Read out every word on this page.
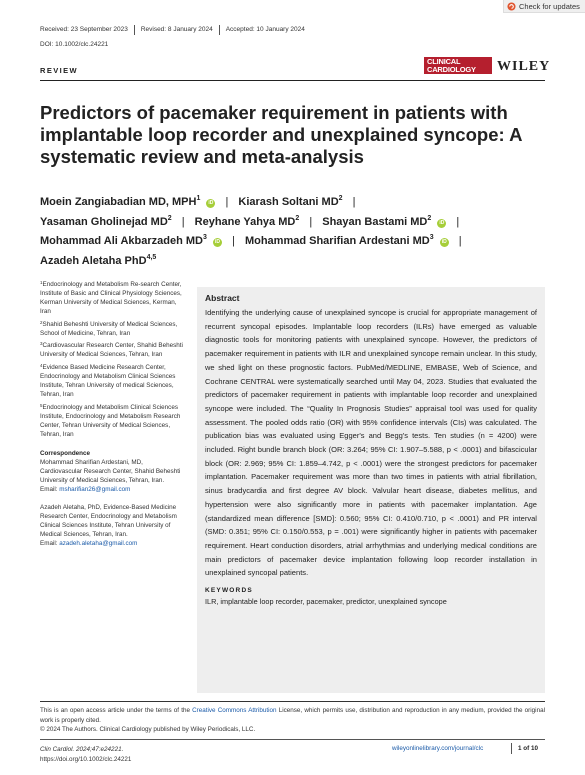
Check for updates
Received: 23 September 2023 Revised: 8 January 2024 Accepted: 10 January 2024
DOI: 10.1002/clc.24221
REVIEW
CLINICAL
CARDIOLOGY	WILEY
Predictors of pacemaker requirement in patients with implantable loop recorder and unexplained syncope: A systematic review and meta-analysis
Moein Zangiabadian MD, MPH$^1$ iD | Kiarash Soltani $MD^2$ |
Yasaman Gholinejad $MD^2$ | Reyhane Yahya $MD^2$ | Shayan Bastami $MD^2$ iD |
Mohammad Ali Akbarzadeh $MD^3$ iD | Mohammad Sharifian Ardestani $MD^3$ iD |
Azadeh Aletaha PhD$^{4,5}$
$^1$Endocrinology and Metabolism Re-search Center, Institute of Basic and Clinical Physiology Sciences, Kerman University of Medical Sciences, Kerman, Iran
$^2$Shahid Beheshti University of Medical Sciences, School of Medicine, Tehran, Iran
$^3$Cardiovascular Research Center, Shahid Beheshti University of Medical Sciences, Tehran, Iran
$^4$Evidence Based Medicine Research Center, Endocrinology and Metabolism Clinical Sciences Institute, Tehran University of medical Sciences, Tehran, Iran
$^5$Endocrinology and Metabolism Clinical Sciences Institute, Endocrinology and Metabolism Research Center, Tehran University of Medical Sciences, Tehran, Iran
Correspondence
Mohammad Sharifian Ardestani, MD, Cardiovascular Research Center, Shahid Beheshti University of Medical Sciences, Tehran, Iran.
Email: msharifian26@gmail.com
Azadeh Aletaha, PhD, Evidence-Based Medicine Research Center, Endocrinology and Metabolism Clinical Sciences Institute, Tehran University of Medical Sciences, Tehran, Iran.
Email: azadeh.aletaha@gmail.com
Abstract

Identifying the underlying cause of unexplained syncope is crucial for appropriate management of recurrent syncopal episodes. Implantable loop recorders (ILRs) have emerged as valuable diagnostic tools for monitoring patients with unexplained syncope. However, the predictors of pacemaker requirement in patients with ILR and unexplained syncope remain unclear. In this study, we shed light on these prognostic factors. PubMed/MEDLINE, EMBASE, Web of Science, and Cochrane CENTRAL were systematically searched until May 04, 2023. Studies that evaluated the predictors of pacemaker requirement in patients with implantable loop recorder and unexplained syncope were included. The “Quality In Prognosis Studies” appraisal tool was used for quality assessment. The pooled odds ratio (OR) with 95% confidence intervals (CIs) was calculated. The publication bias was evaluated using Egger's and Begg's tests. Ten studies (n = 4200) were included. Right bundle branch block (OR: 3.264; 95% CI: 1.907–5.588, p < .0001) and bifascicular block (OR: 2.969; 95% CI: 1.859–4.742, p < .0001) were the strongest predictors for pacemaker implantation. Pacemaker requirement was more than two times in patients with atrial fibrillation, sinus bradycardia and first degree AV block. Valvular heart disease, diabetes mellitus, and hypertension were also significantly more in patients with pacemaker implantation. Age (standardized mean difference [SMD]: 0.560; 95% CI: 0.410/0.710, p < .0001) and PR interval (SMD: 0.351; 95% CI: 0.150/0.553, p = .001) were significantly higher in patients with pacemaker requirement. Heart conduction disorders, atrial arrhythmias and underlying medical conditions are main predictors of pacemaker device implantation following loop recorder installation in unexplained syncopal patients.

KEYWORDS
ILR, implantable loop recorder, pacemaker, predictor, unexplained syncope
This is an open access article under the terms of the Creative Commons Attribution License, which permits use, distribution and reproduction in any medium, provided the original work is properly cited.
© 2024 The Authors. Clinical Cardiology published by Wiley Periodicals, LLC.
Clin Cardiol. 2024;47:e24221.
https://doi.org/10.1002/clc.24221
wileyonlinelibrary.com/journal/clc	1 of 10
